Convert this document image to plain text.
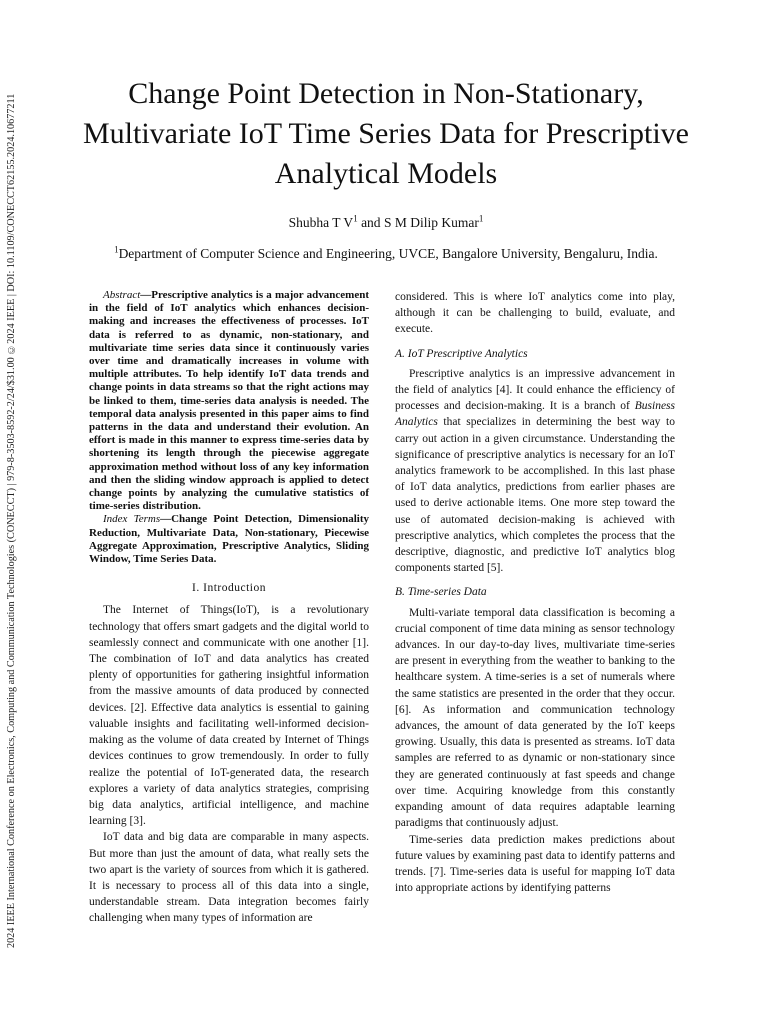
2024 IEEE International Conference on Electronics, Computing and Communication Technologies (CONECCT) | 979-8-3503-8592-2/24/$31.00 ©2024 IEEE | DOI: 10.1109/CONECCT62155.2024.10677211
Change Point Detection in Non-Stationary, Multivariate IoT Time Series Data for Prescriptive Analytical Models
Shubha T $V^1$ and S M Dilip Kumar$^1$
$^1$Department of Computer Science and Engineering, UVCE, Bangalore University, Bengaluru, India.

Abstract—Prescriptive analytics is a major advancement in the field of IoT analytics which enhances decision-making and increases the effectiveness of processes. IoT data is referred to as dynamic, non-stationary, and multivariate time series data since it continuously varies over time and dramatically increases in volume with multiple attributes. To help identify IoT data trends and change points in data streams so that the right actions may be linked to them, time-series data analysis is needed. The temporal data analysis presented in this paper aims to find patterns in the data and understand their evolution. An effort is made in this manner to express time-series data by shortening its length through the piecewise aggregate approximation method without loss of any key information and then the sliding window approach is applied to detect change points by analyzing the cumulative statistics of time-series distribution.

Index Terms—Change Point Detection, Dimensionality Reduction, Multivariate Data, Non-stationary, Piecewise Aggregate Approximation, Prescriptive Analytics, Sliding Window, Time Series Data.

I. Introduction

The Internet of Things(IoT), is a revolutionary technology that offers smart gadgets and the digital world to seamlessly connect and communicate with one another [1]. The combination of IoT and data analytics has created plenty of opportunities for gathering insightful information from the massive amounts of data produced by connected devices. [2]. Effective data analytics is essential to gaining valuable insights and facilitating well-informed decision-making as the volume of data created by Internet of Things devices continues to grow tremendously. In order to fully realize the potential of IoT-generated data, the research explores a variety of data analytics strategies, comprising big data analytics, artificial intelligence, and machine learning [3].

IoT data and big data are comparable in many aspects. But more than just the amount of data, what really sets the two apart is the variety of sources from which it is gathered. It is necessary to process all of this data into a single, understandable stream. Data integration becomes fairly challenging when many types of information are

considered. This is where IoT analytics come into play, although it can be challenging to build, evaluate, and execute.

A. IoT Prescriptive Analytics

Prescriptive analytics is an impressive advancement in the field of analytics [4]. It could enhance the efficiency of processes and decision-making. It is a branch of Business Analytics that specializes in determining the best way to carry out action in a given circumstance. Understanding the significance of prescriptive analytics is necessary for an IoT analytics framework to be accomplished. In this last phase of IoT data analytics, predictions from earlier phases are used to derive actionable items. One more step toward the use of automated decision-making is achieved with prescriptive analytics, which completes the process that the descriptive, diagnostic, and predictive IoT analytics blog components started [5].

B. Time-series Data

Multi-variate temporal data classification is becoming a crucial component of time data mining as sensor technology advances. In our day-to-day lives, multivariate time-series are present in everything from the weather to banking to the healthcare system. A time-series is a set of numerals where the same statistics are presented in the order that they occur. [6]. As information and communication technology advances, the amount of data generated by the IoT keeps growing. Usually, this data is presented as streams. IoT data samples are referred to as dynamic or non-stationary since they are generated continuously at fast speeds and change over time. Acquiring knowledge from this constantly expanding amount of data requires adaptable learning paradigms that continuously adjust.

Time-series data prediction makes predictions about future values by examining past data to identify patterns and trends. [7]. Time-series data is useful for mapping IoT data into appropriate actions by identifying patterns
